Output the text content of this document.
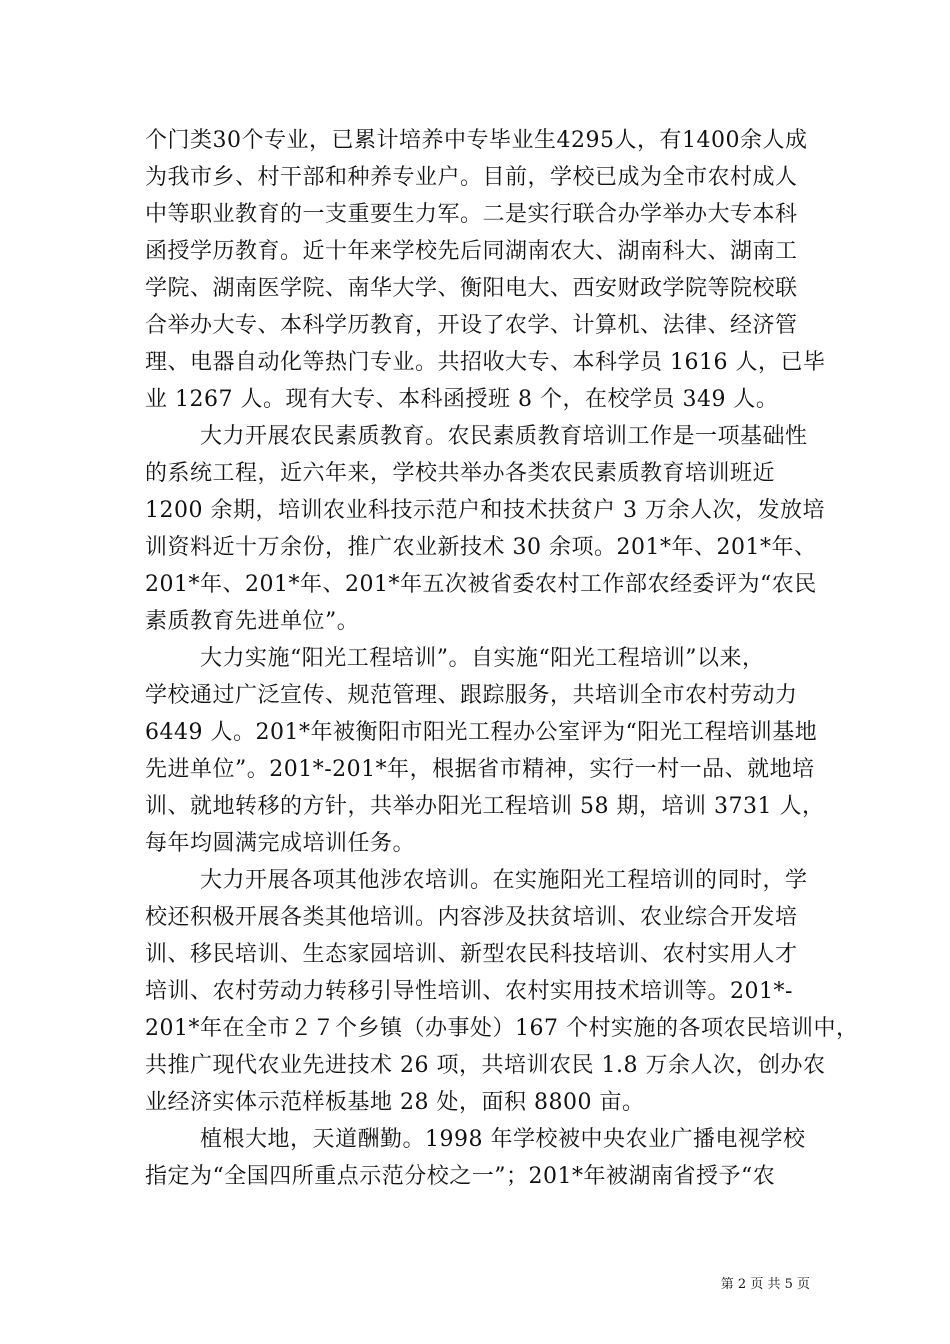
个门类30个专业，已累计培养中专毕业生4295人，有1400余人成
为我市乡、村干部和种养专业户。目前，学校已成为全市农村成人
中等职业教育的一支重要生力军。二是实行联合办学举办大专本科
函授学历教育。近十年来学校先后同湖南农大、湖南科大、湖南工
学院、湖南医学院、南华大学、衡阳电大、西安财政学院等院校联
合举办大专、本科学历教育，开设了农学、计算机、法律、经济管
理、电器自动化等热门专业。共招收大专、本科学员 1616 人，已毕
业 1267 人。现有大专、本科函授班 8 个，在校学员 349 人。
大力开展农民素质教育。农民素质教育培训工作是一项基础性
的系统工程，近六年来，学校共举办各类农民素质教育培训班近
1200 余期，培训农业科技示范户和技术扶贫户 3 万余人次，发放培
训资料近十万余份，推广农业新技术 30 余项。201*年、201*年、
201*年、201*年、201*年五次被省委农村工作部农经委评为“农民
素质教育先进单位”。
大力实施“阳光工程培训”。自实施“阳光工程培训”以来，
学校通过广泛宣传、规范管理、跟踪服务，共培训全市农村劳动力
6449 人。201*年被衡阳市阳光工程办公室评为“阳光工程培训基地
先进单位”。201*-201*年，根据省市精神，实行一村一品、就地培
训、就地转移的方针，共举办阳光工程培训 58 期，培训 3731 人，
每年均圆满完成培训任务。
大力开展各项其他涉农培训。在实施阳光工程培训的同时，学
校还积极开展各类其他培训。内容涉及扶贫培训、农业综合开发培
训、移民培训、生态家园培训、新型农民科技培训、农村实用人才
培训、农村劳动力转移引导性培训、农村实用技术培训等。201*-
201*年在全市２７个乡镇（办事处）167 个村实施的各项农民培训中，
共推广现代农业先进技术 26 项，共培训农民 1.8 万余人次，创办农
业经济实体示范样板基地 28 处，面积 8800 亩。
植根大地，天道酬勤。1998 年学校被中央农业广播电视学校
指定为“全国四所重点示范分校之一”；201*年被湖南省授予“农
第 2 页 共 5 页
